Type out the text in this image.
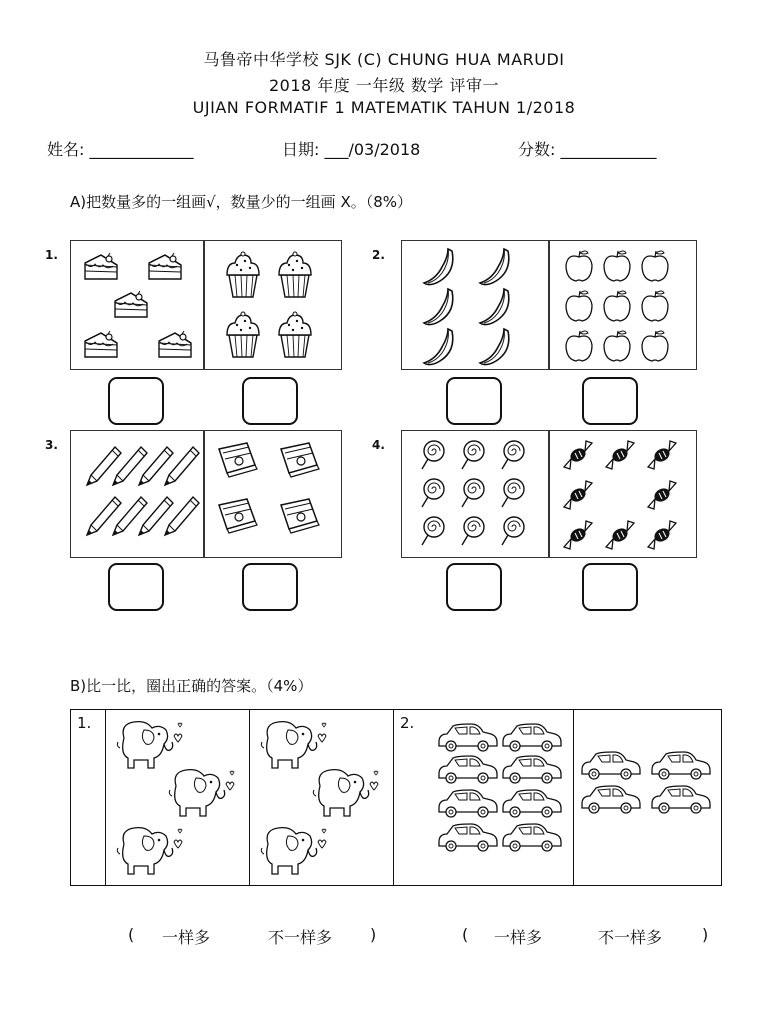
马鲁帝中华学校 SJK (C) CHUNG HUA MARUDI
2018 年度 一年级 数学 评审一
UJIAN FORMATIF 1 MATEMATIK TAHUN 1/2018
姓名: _____________	日期: ___/03/2018	分数: ____________
A)把数量多的一组画√，数量少的一组画 X。（8%）
1.	2.
3.	4.
B)比一比，圈出正确的答案。（4%）
1.	2.
( 一样多	不一样多 )	( 一样多	不一样多 )
